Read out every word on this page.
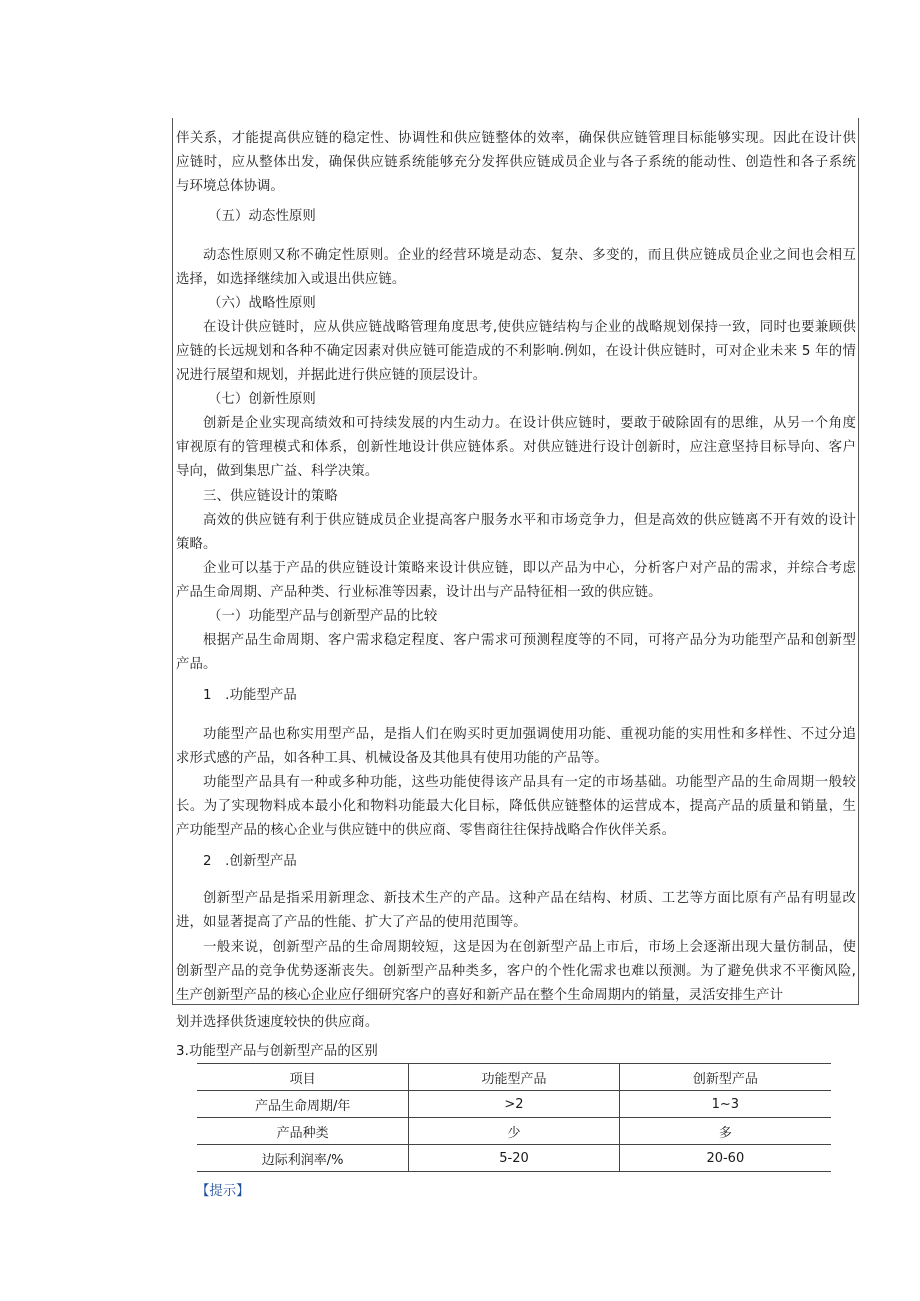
伴关系，才能提高供应链的稳定性、协调性和供应链整体的效率，确保供应链管理目标能够实现。因此在设计供
应链时，应从整体出发，确保供应链系统能够充分发挥供应链成员企业与各子系统的能动性、创造性和各子系统
与环境总体协调。
（五）动态性原则
动态性原则又称不确定性原则。企业的经营环境是动态、复杂、多变的，而且供应链成员企业之间也会相互
选择，如选择继续加入或退出供应链。
（六）战略性原则
在设计供应链时，应从供应链战略管理角度思考,使供应链结构与企业的战略规划保持一致，同时也要兼顾供
应链的长远规划和各种不确定因素对供应链可能造成的不利影响.例如，在设计供应链时，可对企业未来 5 年的情
况进行展望和规划，并据此进行供应链的顶层设计。
（七）创新性原则
创新是企业实现高绩效和可持续发展的内生动力。在设计供应链时，要敢于破除固有的思维，从另一个角度
审视原有的管理模式和体系，创新性地设计供应链体系。对供应链进行设计创新时，应注意坚持目标导向、客户
导向，做到集思广益、科学决策。
三、供应链设计的策略
高效的供应链有利于供应链成员企业提高客户服务水平和市场竞争力，但是高效的供应链离不开有效的设计
策略。
企业可以基于产品的供应链设计策略来设计供应链，即以产品为中心，分析客户对产品的需求，并综合考虑
产品生命周期、产品种类、行业标准等因素，设计出与产品特征相一致的供应链。
（一）功能型产品与创新型产品的比较
根据产品生命周期、客户需求稳定程度、客户需求可预测程度等的不同，可将产品分为功能型产品和创新型
产品。
1　.功能型产品
功能型产品也称实用型产品，是指人们在购买时更加强调使用功能、重视功能的实用性和多样性、不过分追
求形式感的产品，如各种工具、机械设备及其他具有使用功能的产品等。
功能型产品具有一种或多种功能，这些功能使得该产品具有一定的市场基础。功能型产品的生命周期一般较
长。为了实现物料成本最小化和物料功能最大化目标，降低供应链整体的运营成本，提高产品的质量和销量，生
产功能型产品的核心企业与供应链中的供应商、零售商往往保持战略合作伙伴关系。
2　.创新型产品
创新型产品是指采用新理念、新技术生产的产品。这种产品在结构、材质、工艺等方面比原有产品有明显改
进，如显著提高了产品的性能、扩大了产品的使用范围等。
一般来说，创新型产品的生命周期较短，这是因为在创新型产品上市后，市场上会逐渐出现大量仿制品，使
创新型产品的竞争优势逐渐丧失。创新型产品种类多，客户的个性化需求也难以预测。为了避免供求不平衡风险,
生产创新型产品的核心企业应仔细研究客户的喜好和新产品在整个生命周期内的销量，灵活安排生产计
划并选择供货速度较快的供应商。
3.功能型产品与创新型产品的区别
项目	功能型产品	创新型产品
产品生命周期/年	>2	1~3
产品种类	少	多
边际利润率/%	5-20	20-60
【提示】
